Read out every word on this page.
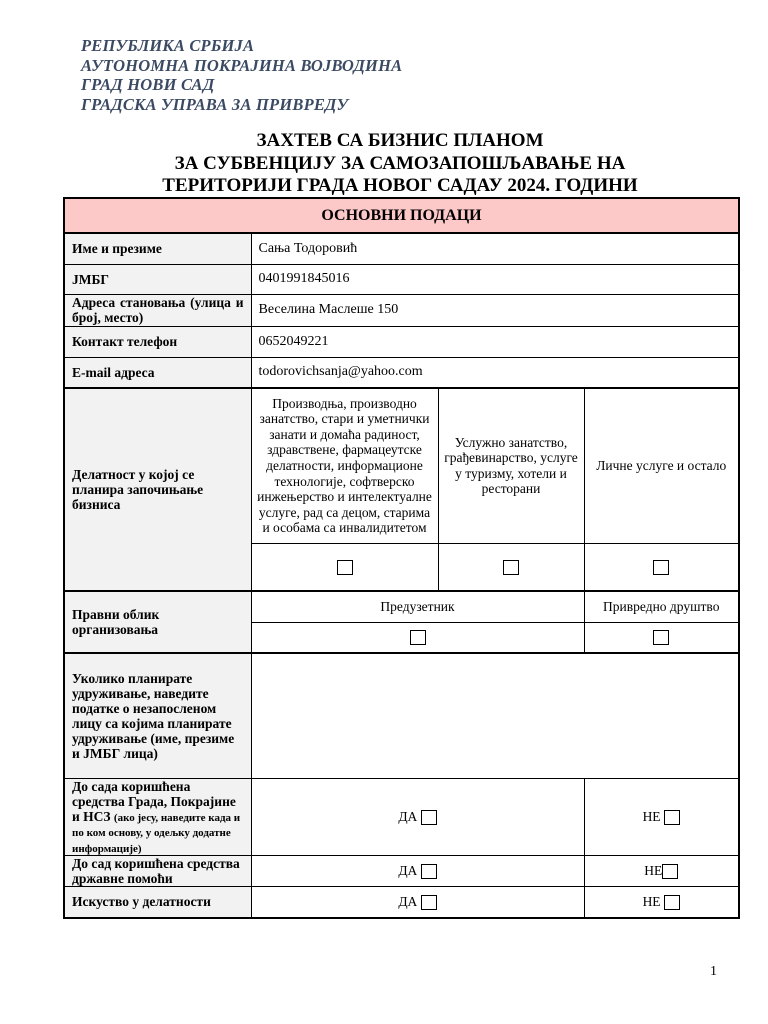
РЕПУБЛИКА СРБИЈА
АУТОНОМНА ПОКРАЈИНА ВОЈВОДИНА
ГРАД НОВИ САД
ГРАДСКА УПРАВА ЗА ПРИВРЕДУ
ЗАХТЕВ СА БИЗНИС ПЛАНОМ
ЗА СУБВЕНЦИЈУ ЗА САМОЗАПОШЉАВАЊЕ НА
ТЕРИТОРИЈИ ГРАДА НОВОГ САДАУ 2024. ГОДИНИ
ОСНОВНИ ПОДАЦИ			
Име и презиме	Сања Тодоровић		
ЈМБГ	0401991845016		
Адреса становања (улица и број, место)	Веселина Маслеше 150		
Контакт телефон	0652049221		
E-mail адреса	todorovichsanja@yahoo.com		
Делатност у којој се планира започињање бизниса	Производња, производно занатство, стари и уметнички занати и домаћа радиност, здравствене, фармацеутске делатности, информационе технологије, софтверско инжењерство и интелектуалне услуге, рад са децом, старима и особама са инвалидитетом	Услужно занатство, грађевинарство, услуге у туризму, хотели и ресторани	Личне услуге и остало

Правни облик организовања	Предузетник		Привредно друштво

Уколико планирате удруживање, наведите податке о незапосленом лицу са којима планирате удруживање (име, презиме и ЈМБГ лица)			
До сада коришћена средства Града, Покрајине и НСЗ (ако јесу, наведите када и по ком основу, у одељку додатне информације)	ДА		НЕ
До сад коришћена средства државне помоћи	ДА		НЕ
Искуство у делатности	ДА		НЕ
1
